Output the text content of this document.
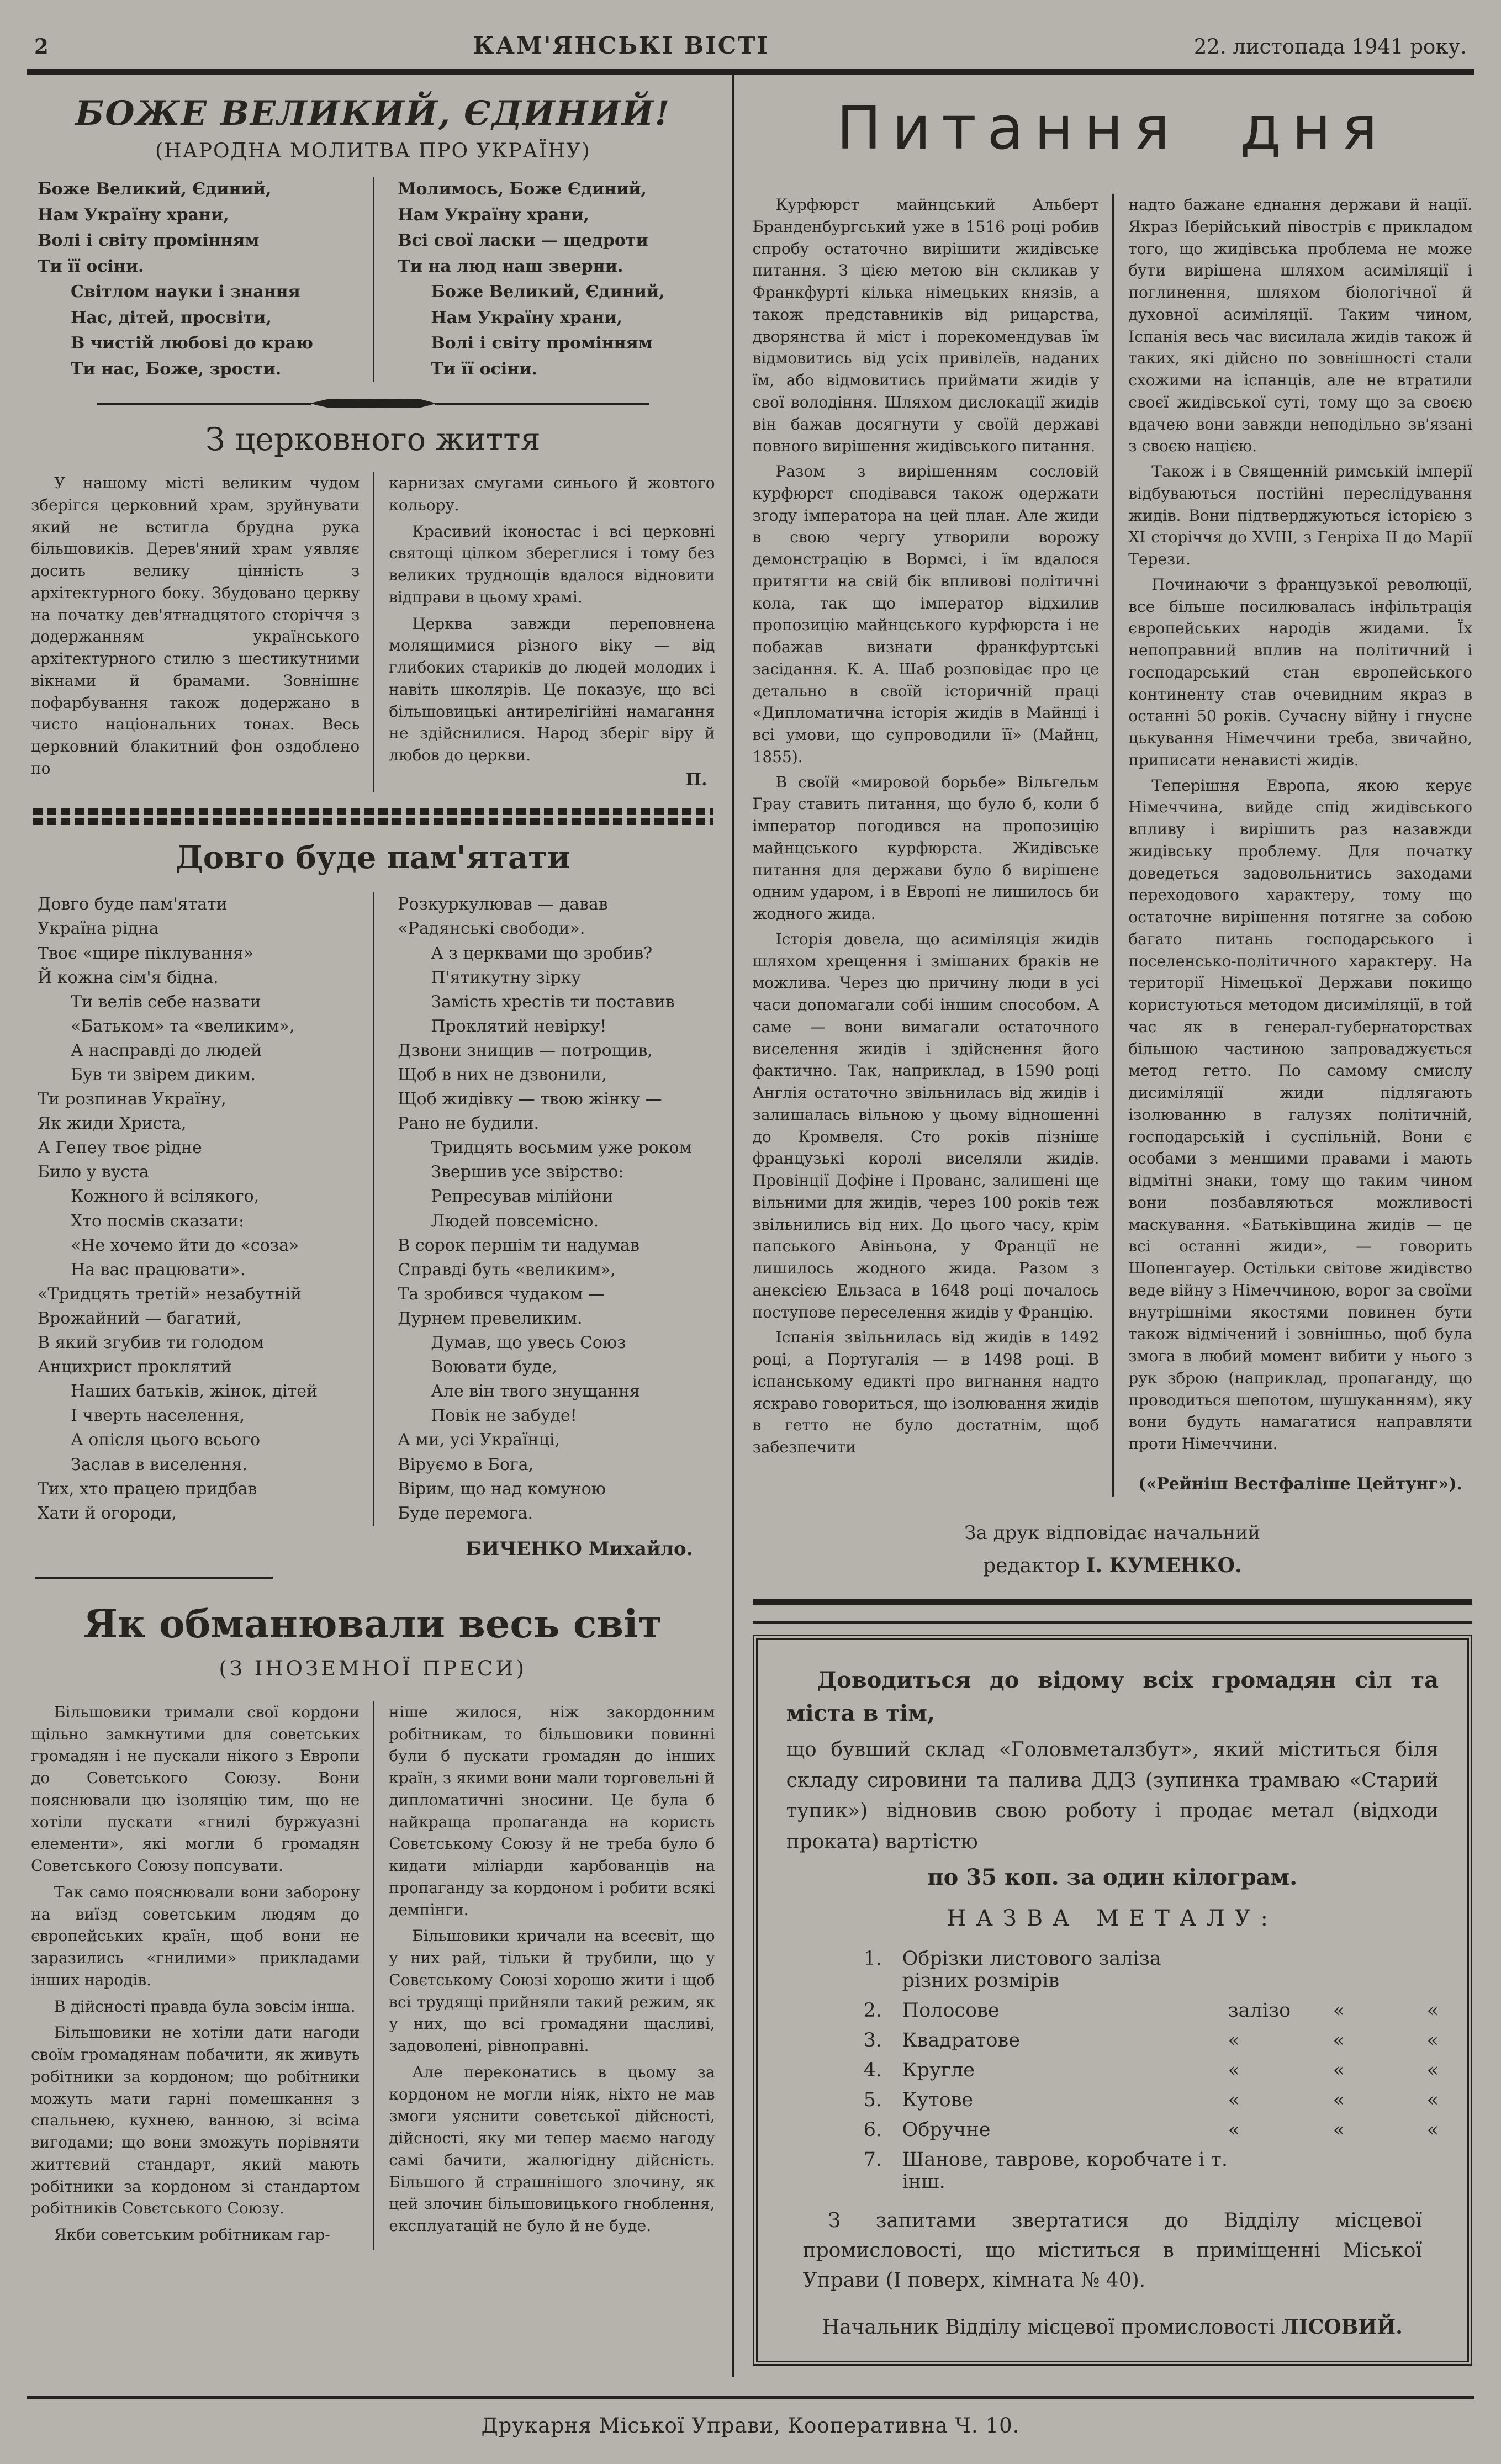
2	КАМ'ЯНСЬКІ ВІСТІ	22. листопада 1941 року.
БОЖЕ ВЕЛИКИЙ, ЄДИНИЙ!
(НАРОДНА МОЛИТВА ПРО УКРАЇНУ)
Боже Великий, Єдиний,
Нам Україну храни,
Волі і світу промінням
Ти її осіни.
Світлом науки і знання
Нас, дітей, просвіти,
В чистій любові до краю
Ти нас, Боже, зрости.
Молимось, Боже Єдиний,
Нам Україну храни,
Всі свої ласки — щедроти
Ти на люд наш зверни.
Боже Великий, Єдиний,
Нам Україну храни,
Волі і світу промінням
Ти її осіни.
З церковного життя

У нашому місті великим чудом зберігся церковний храм, зруйнувати який не встигла брудна рука більшовиків. Дерев'яний храм уявляє досить велику цінність з архітектурного боку. Збудовано церкву на початку дев'ятнадцятого сторіччя з додержанням українського архітектурного стилю з шестикутними вікнами й брамами. Зовнішнє пофарбування також додержано в чисто національних тонах. Весь церковний блакитний фон оздоблено по

карнизах смугами синього й жовтого кольору.

Красивий іконостас і всі церковні святощі цілком збереглися і тому без великих труднощів вдалося відновити відправи в цьому храмі.

Церква завжди переповнена молящимися різного віку — від глибоких стариків до людей молодих і навіть школярів. Це показує, що всі більшовицькі антирелігійні намагання не здійснилися. Народ зберіг віру й любов до церкви.

П.
Довго буде пам'ятати
Довго буде пам'ятати
Україна рідна
Твоє «щире піклування»
Й кожна сім'я бідна.
Ти велів себе назвати
«Батьком» та «великим»,
А насправді до людей
Був ти звірем диким.
Ти розпинав Україну,
Як жиди Христа,
А Гепеу твоє рідне
Било у вуста
Кожного й всілякого,
Хто посмів сказати:
«Не хочемо йти до «соза»
На вас працювати».
«Тридцять третій» незабутній
Врожайний — багатий,
В який згубив ти голодом
Анцихрист проклятий
Наших батьків, жінок, дітей
І чверть населення,
А опісля цього всього
Заслав в виселення.
Тих, хто працею придбав
Хати й огороди,
Розкуркулював — давав
«Радянські свободи».
А з церквами що зробив?
П'ятикутну зірку
Замість хрестів ти поставив
Проклятий невірку!
Дзвони знищив — потрощив,
Щоб в них не дзвонили,
Щоб жидівку — твою жінку —
Рано не будили.
Тридцять восьмим уже роком
Звершив усе звірство:
Репресував мілійони
Людей повсемісно.
В сорок першім ти надумав
Справді буть «великим»,
Та зробився чудаком —
Дурнем превеликим.
Думав, що увесь Союз
Воювати буде,
Але він твого знущання
Повік не забуде!
А ми, усі Українці,
Віруємо в Бога,
Вірим, що над комуною
Буде перемога.
БИЧЕНКО Михайло.
Як обманювали весь світ
(З ІНОЗЕМНОЇ ПРЕСИ)

Більшовики тримали свої кордони щільно замкнутими для советських громадян і не пускали нікого з Европи до Советського Союзу. Вони пояснювали цю ізоляцію тим, що не хотіли пускати «гнилі буржуазні елементи», які могли б громадян Советського Союзу попсувати.

Так само пояснювали вони заборону на виїзд советським людям до європейських країн, щоб вони не заразились «гнилими» прикладами інших народів.

В дійсності правда була зовсім інша.

Більшовики не хотіли дати нагоди своїм громадянам побачити, як живуть робітники за кордоном; що робітники можуть мати гарні помешкання з спальнею, кухнею, ванною, зі всіма вигодами; що вони зможуть порівняти життєвий стандарт, який мають робітники за кордоном зі стандартом робітників Совєтського Союзу.

Якби советським робітникам гар-

ніше жилося, ніж закордонним робітникам, то більшовики повинні були б пускати громадян до інших країн, з якими вони мали торговельні й дипломатичні зносини. Це була б найкраща пропаганда на користь Совєтському Союзу й не треба було б кидати міліарди карбованців на пропаганду за кордоном і робити всякі демпінги.

Більшовики кричали на всесвіт, що у них рай, тільки й трубили, що у Совєтському Союзі хорошо жити і щоб всі трудящі прийняли такий режим, як у них, що всі громадяни щасливі, задоволені, рівноправні.

Але переконатись в цьому за кордоном не могли ніяк, ніхто не мав змоги уяснити советської дійсності, дійсності, яку ми тепер маємо нагоду самі бачити, жалюгідну дійсність. Більшого й страшнішого злочину, як цей злочин більшовицького гноблення, експлуатацій не було й не буде.

Питання дня

Курфюрст майнцський Альберт Бранденбургський уже в 1516 році робив спробу остаточно вирішити жидівське питання. З цією метою він скликав у Франкфурті кілька німецьких князів, а також представників від рицарства, дворянства й міст і порекомендував їм відмовитись від усіх привілеїв, наданих їм, або відмовитись приймати жидів у свої володіння. Шляхом дислокації жидів він бажав досягнути у своїй державі повного вирішення жидівського питання.

Разом з вирішенням сословій курфюрст сподівався також одержати згоду імператора на цей план. Але жиди в свою чергу утворили ворожу демонстрацію в Вормсі, і їм вдалося притягти на свій бік впливові політичні кола, так що імператор відхилив пропозицію майнцського курфюрста і не побажав визнати франкфуртські засідання. К. А. Шаб розповідає про це детально в своїй історичній праці «Дипломатична історія жидів в Майнці і всі умови, що супроводили її» (Майнц, 1855).

В своїй «мировой борьбе» Вільгельм Грау ставить питання, що було б, коли б імператор погодився на пропозицію майнцського курфюрста. Жидівське питання для держави було б вирішене одним ударом, і в Европі не лишилось би жодного жида.

Історія довела, що асиміляція жидів шляхом хрещення і змішаних браків не можлива. Через цю причину люди в усі часи допомагали собі іншим способом. А саме — вони вимагали остаточного виселення жидів і здійснення його фактично. Так, наприклад, в 1590 році Англія остаточно звільнилась від жидів і залишалась вільною у цьому відношенні до Кромвеля. Сто років пізніше французькі королі виселяли жидів. Провінції Дофіне і Прованс, залишені ще вільними для жидів, через 100 років теж звільнились від них. До цього часу, крім папського Авіньона, у Франції не лишилось жодного жида. Разом з анексією Ельзаса в 1648 році почалось поступове переселення жидів у Францію.

Іспанія звільнилась від жидів в 1492 році, а Португалія — в 1498 році. В іспанському едикті про вигнання надто яскраво говориться, що ізолювання жидів в гетто не було достатнім, щоб забезпечити

надто бажане єднання держави й нації. Якраз Іберійський півострів є прикладом того, що жидівська проблема не може бути вирішена шляхом асиміляції і поглинення, шляхом біологічної й духовної асиміляції. Таким чином, Іспанія весь час висилала жидів також й таких, які дійсно по зовнішності стали схожими на іспанців, але не втратили своєї жидівської суті, тому що за своєю вдачею вони завжди неподільно зв'язані з своєю нацією.

Також і в Священній римській імперії відбуваються постійні переслідування жидів. Вони підтверджуються історією з XI сторіччя до XVIII, з Генріха II до Марії Терези.

Починаючи з французької революції, все більше посилювалась інфільтрація європейських народів жидами. Їх непоправний вплив на політичний і господарський стан європейського континенту став очевидним якраз в останні 50 років. Сучасну війну і гнусне цькування Німеччини треба, звичайно, приписати ненависті жидів.

Теперішня Европа, якою керує Німеччина, вийде спід жидівського впливу і вирішить раз назавжди жидівську проблему. Для початку доведеться задовольнитись заходами переходового характеру, тому що остаточне вирішення потягне за собою багато питань господарського і поселенсько-політичного характеру. На території Німецької Держави покищо користуються методом дисиміляції, в той час як в генерал-губернаторствах більшою частиною запроваджується метод гетто. По самому смислу дисиміляції жиди підлягають ізолюванню в галузях політичній, господарській і суспільній. Вони є особами з меншими правами і мають відмітні знаки, тому що таким чином вони позбавляються можливості маскування. «Батьківщина жидів — це всі останні жиди», — говорить Шопенгауер. Остільки світове жидівство веде війну з Німеччиною, ворог за своїми внутрішніми якостями повинен бути також відмічений і зовнішньо, щоб була змога в любий момент вибити у нього з рук зброю (наприклад, пропаганду, що проводиться шепотом, шушуканням), яку вони будуть намагатися направляти проти Німеччини.

(«Рейніш Вестфаліше Цейтунг»).
За друк відповідає начальний
редактор І. КУМЕНКО.

Доводиться до відому всіх громадян сіл та міста в тім,

що бувший склад «Головметалзбут», який міститься біля складу сировини та палива ДДЗ (зупинка трамваю «Старий тупик») відновив свою роботу і продає метал (відходи проката) вартістю

по 35 коп. за один кілограм.
НАЗВА МЕТАЛУ:
1.	Обрізки листового заліза різних розмірів
2.	Полосове	залізо	«	«
3.	Квадратове	«	«	«
4.	Кругле	«	«	«
5.	Кутове	«	«	«
6.	Обручне	«	«	«
7.	Шанове, таврове, коробчате і т. інш.

З запитами звертатися до Відділу місцевої промисловості, що міститься в приміщенні Міської Управи (I поверх, кімната № 40).

Начальник Відділу місцевої промисловості ЛІСОВИЙ.
Друкарня Міської Управи, Кооперативна Ч. 10.
